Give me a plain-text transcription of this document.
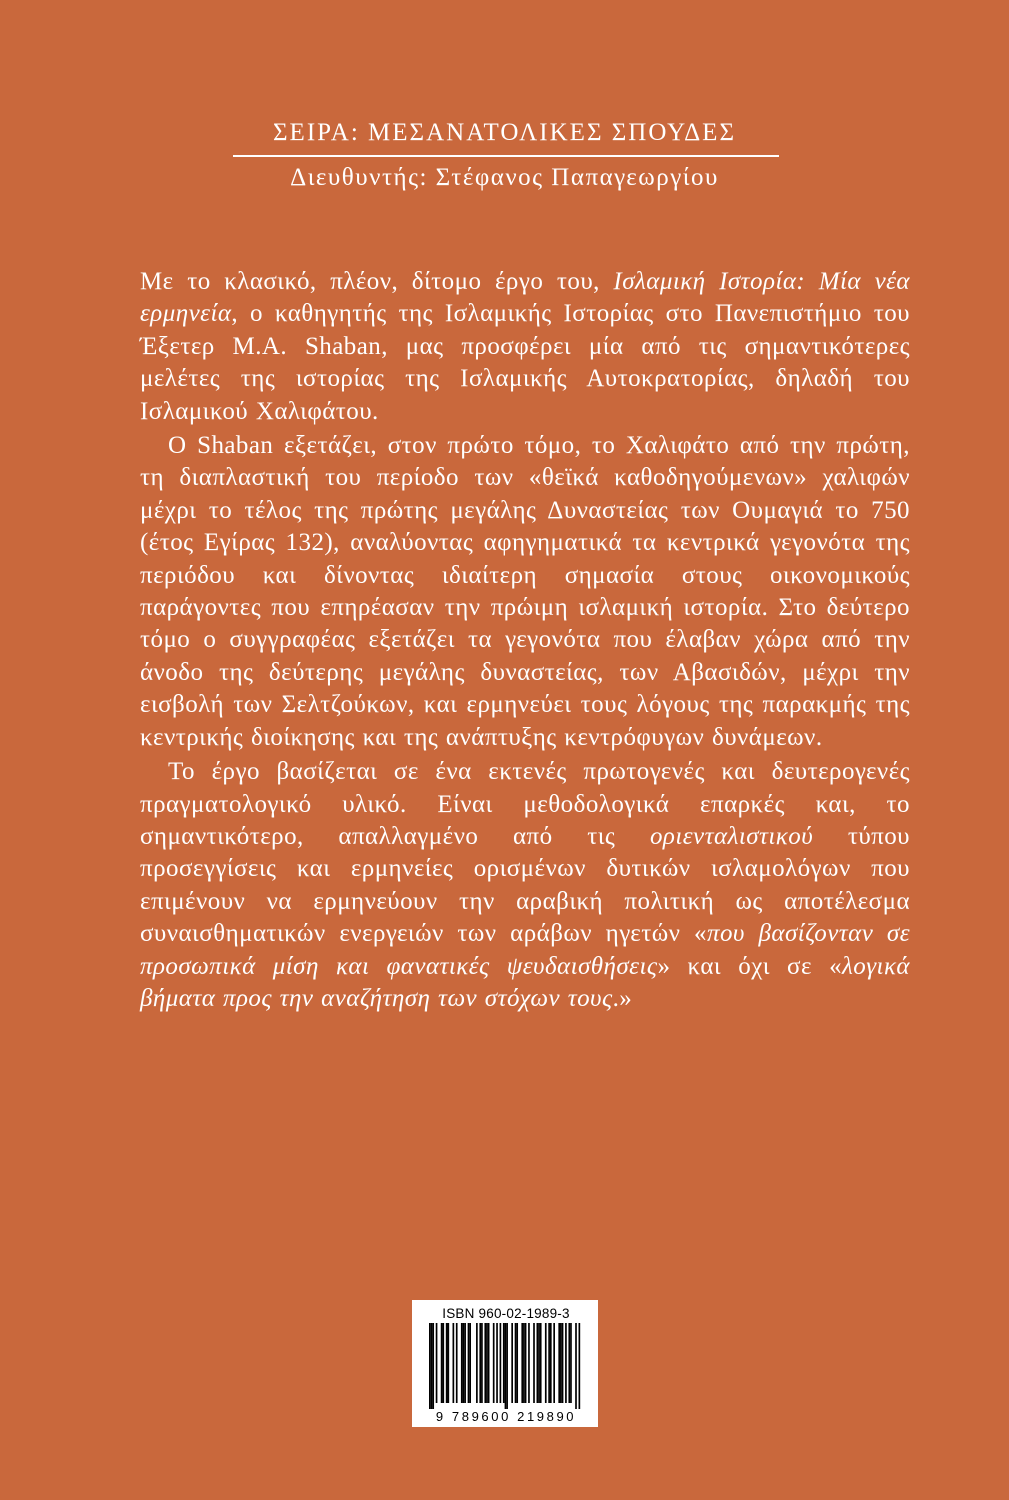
ΣΕΙΡΑ: ΜΕΣΑΝΑΤΟΛΙΚΕΣ ΣΠΟΥΔΕΣ
Διευθυντής: Στέφανος Παπαγεωργίου

Με το κλασικό, πλέον, δίτομο έργο του, Ισλαμική Ιστορία: Μία νέα ερμηνεία, ο καθηγητής της Ισλαμικής Ιστορίας στο Πανεπιστήμιο του Έξετερ M.A. Shaban, μας προσφέρει μία από τις σημαντικότερες μελέτες της ιστορίας της Ισλαμικής Αυτοκρατορίας, δηλαδή του Ισλαμικού Χαλιφάτου.

Ο Shaban εξετάζει, στον πρώτο τόμο, το Χαλιφάτο από την πρώτη, τη διαπλαστική του περίοδο των «θεϊκά καθοδηγούμενων» χαλιφών μέχρι το τέλος της πρώτης μεγάλης Δυναστείας των Ουμαγιά το 750 (έτος Εγίρας 132), αναλύοντας αφηγηματικά τα κεντρικά γεγονότα της περιόδου και δίνοντας ιδιαίτερη σημασία στους οικονομικούς παράγοντες που επηρέασαν την πρώιμη ισλαμική ιστορία. Στο δεύτερο τόμο ο συγγραφέας εξετάζει τα γεγονότα που έλαβαν χώρα από την άνοδο της δεύτερης μεγάλης δυναστείας, των Αβασιδών, μέχρι την εισβολή των Σελτζούκων, και ερμηνεύει τους λόγους της παρακμής της κεντρικής διοίκησης και της ανάπτυξης κεντρόφυγων δυνάμεων.

Το έργο βασίζεται σε ένα εκτενές πρωτογενές και δευτερογενές πραγματολογικό υλικό. Είναι μεθοδολογικά επαρκές και, το σημαντικότερο, απαλλαγμένο από τις οριενταλιστικού τύπου προσεγγίσεις και ερμηνείες ορισμένων δυτικών ισλαμολόγων που επιμένουν να ερμηνεύουν την αραβική πολιτική ως αποτέλεσμα συναισθηματικών ενεργειών των αράβων ηγετών «που βασίζονταν σε προσωπικά μίση και φανατικές ψευδαισθήσεις» και όχι σε «λογικά βήματα προς την αναζήτηση των στόχων τους.»

ISBN 960-02-1989-3
9 789600 219890
